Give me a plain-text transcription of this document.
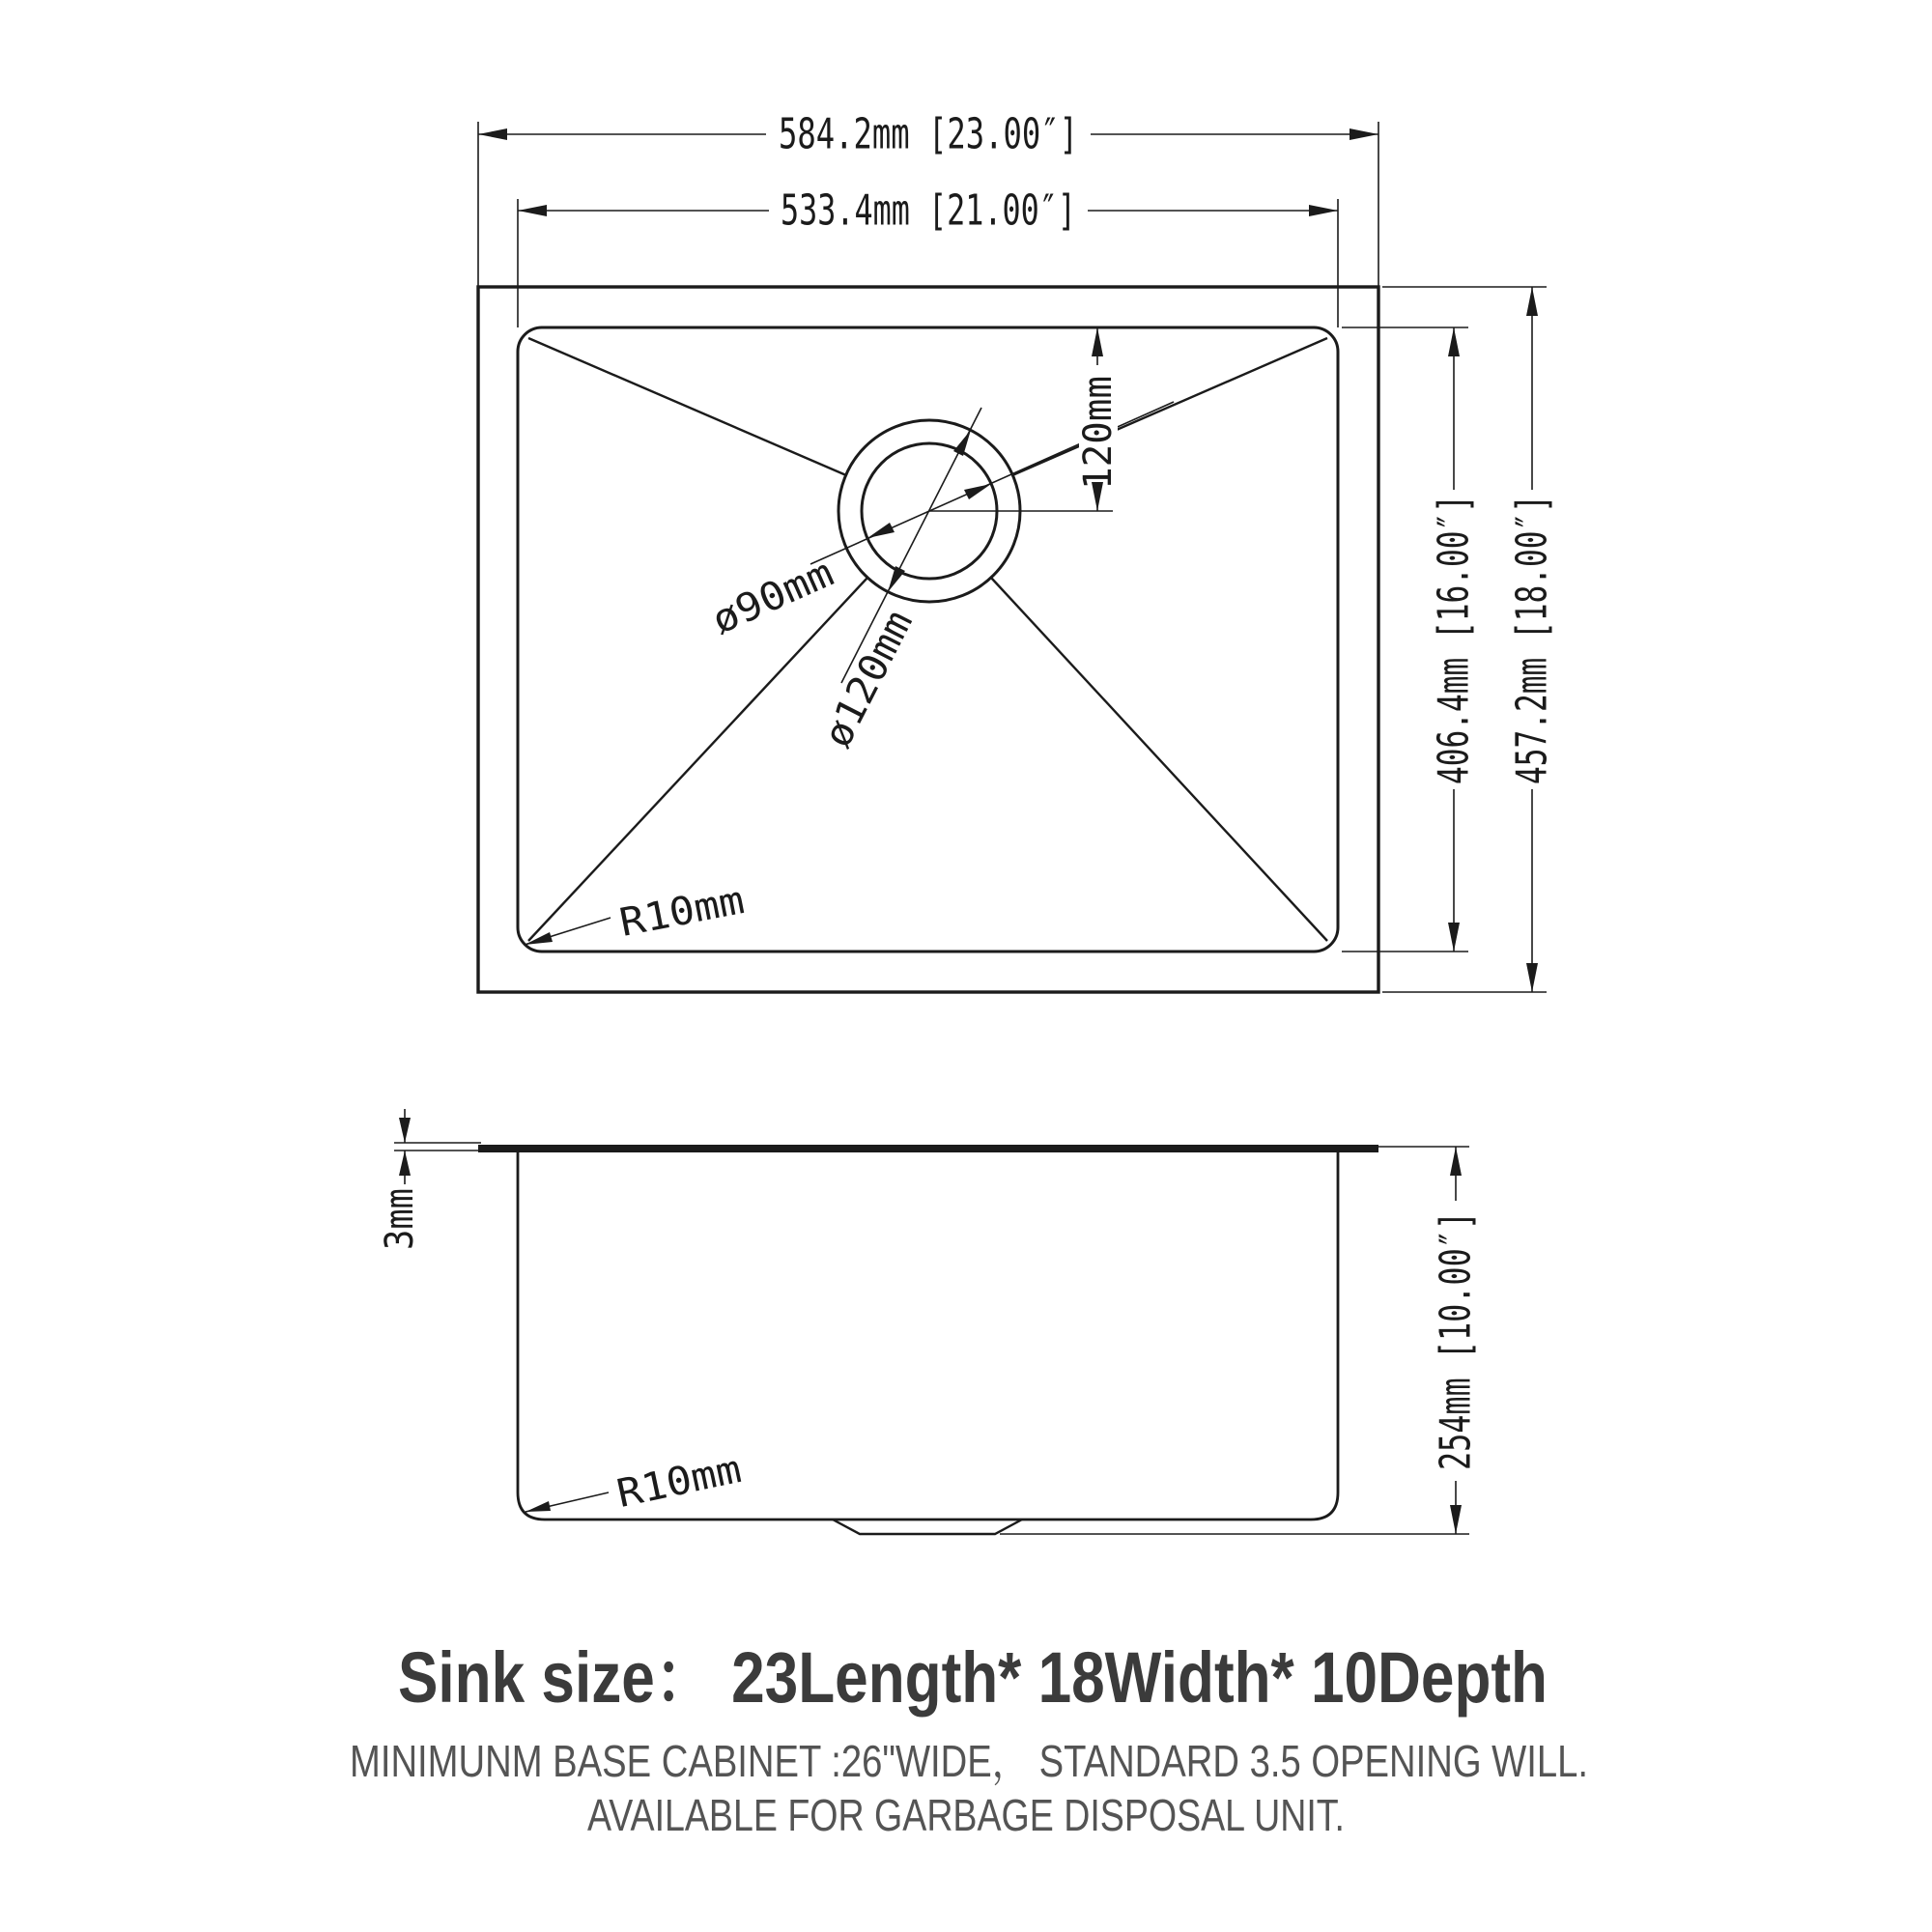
584.2mm [23.00″]
533.4mm [21.00″]
406.4mm [16.00″] 457.2mm [18.00″]
120mm
ø90mm
ø120mm
R10mm
3mm	254mm [10.00″]
R10mm
Sink size： 23Length* 18Width* 10Depth
MINIMUNM BASE CABINET :26"WIDE， STANDARD 3.5 OPENING WILL.
AVAILABLE FOR GARBAGE DISPOSAL UNIT.
